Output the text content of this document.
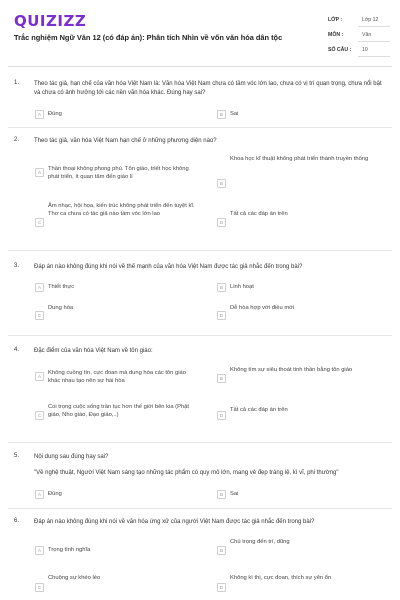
QUIZIZZ
Trắc nghiệm Ngữ Văn 12 (có đáp án): Phân tích Nhìn về vốn văn hóa dân tộc
LỚP :	Lớp 12
MÔN :	Văn
SỐ CÂU : 10
1. Theo tác giả, hạn chế của văn hóa Việt Nam là: Văn hóa Việt Nam chưa có tầm vóc lớn lao, chưa có vị trí quan trọng, chưa nổi bật và chưa có ảnh hưởng tới các nền văn hóa khác. Đúng hay sai?
A	Đúng	B	Sai
2. Theo tác giả, văn hóa Việt Nam hạn chế ở những phương diện nào?
A
Thần thoại không phong phú. Tôn giáo, triết học không phát triển, ít quan tâm đến giáo lí
B
Khoa học kĩ thuật không phát triển thành truyền thống
C
Âm nhạc, hội họa, kiến trúc không phát triển đến tuyệt kĩ. Thơ ca chưa có tác giả nào tầm vóc lớn lao
D
Tất cả các đáp án trên
3. Đáp án nào không đúng khi nói về thế mạnh của văn hóa Việt Nam được tác giả nhắc đến trong bài?
A	Thiết thực	B	Linh hoạt
C
Dung hòa
D
Dễ hòa hợp với điều mới
4. Đặc điểm của văn hóa Việt Nam về tôn giáo:
A
Không cuồng tín, cực đoan mà dung hòa các tôn giáo khác nhau tạo nên sự hài hòa	B
Không tìm sự siêu thoát tinh thần bằng tôn giáo
C
Coi trọng cuộc sống trần tục hơn thế giới bên kia (Phật giáo, Nho giáo, Đạo giáo,..)	D
Tất cả các đáp án trên
5. Nội dung sau đúng hay sai?
"Về nghệ thuật, Người Việt Nam sáng tạo những tác phẩm có quy mô lớn, mang vẻ đẹp tráng lệ, kì vĩ, phi thường"
A	Đúng	B	Sai
6. Đáp án nào không đúng khi nói về văn hóa ứng xử của người Việt Nam được tác giả nhắc đến trong bài?
A	Trọng tình nghĩa	B
Chú trọng đến trí, dũng
C
Chuộng sự khéo léo
D
Không kì thị, cực đoan, thích sự yên ổn
